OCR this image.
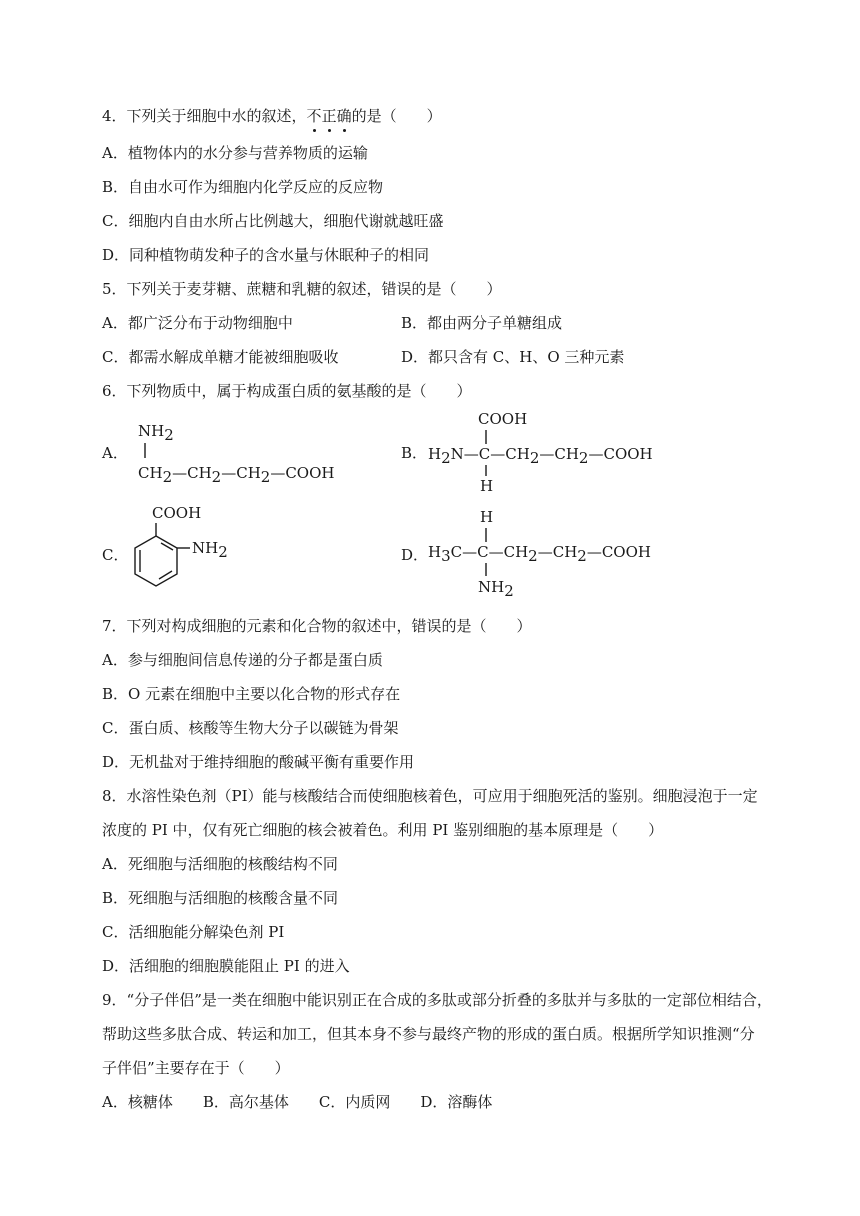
4．下列关于细胞中水的叙述，不
正
确
的是（　　）
A．植物体内的水分参与营养物质的运输
B．自由水可作为细胞内化学反应的反应物
C．细胞内自由水所占比例越大，细胞代谢就越旺盛
D．同种植物萌发种子的含水量与休眠种子的相同
5．下列关于麦芽糖、蔗糖和乳糖的叙述，错误的是（　　）
A．都广泛分布于动物细胞中	B．都由两分子单糖组成
C．都需水解成单糖才能被细胞吸收	D．都只含有 C、H、O 三种元素
6．下列物质中，属于构成蛋白质的氨基酸的是（　　）
A．
NH2
CH2—CH2—CH2—COOH
B．
COOH
H2N—C—CH2—CH2—COOH
H
C．
COOH
NH2	D．
H
H3C—C—CH2—CH2—COOH
NH2
7．下列对构成细胞的元素和化合物的叙述中，错误的是（　　）
A．参与细胞间信息传递的分子都是蛋白质
B．O 元素在细胞中主要以化合物的形式存在
C．蛋白质、核酸等生物大分子以碳链为骨架
D．无机盐对于维持细胞的酸碱平衡有重要作用
8．水溶性染色剂（PI）能与核酸结合而使细胞核着色，可应用于细胞死活的鉴别。细胞浸泡于一定
浓度的 PI 中，仅有死亡细胞的核会被着色。利用 PI 鉴别细胞的基本原理是（　　）
A．死细胞与活细胞的核酸结构不同
B．死细胞与活细胞的核酸含量不同
C．活细胞能分解染色剂 PI
D．活细胞的细胞膜能阻止 PI 的进入
9．“分子伴侣”是一类在细胞中能识别正在合成的多肽或部分折叠的多肽并与多肽的一定部位相结合，
帮助这些多肽合成、转运和加工，但其本身不参与最终产物的形成的蛋白质。根据所学知识推测“分
子伴侣”主要存在于（　　）
A．核糖体　　B．高尔基体　　C．内质网　　D．溶酶体
